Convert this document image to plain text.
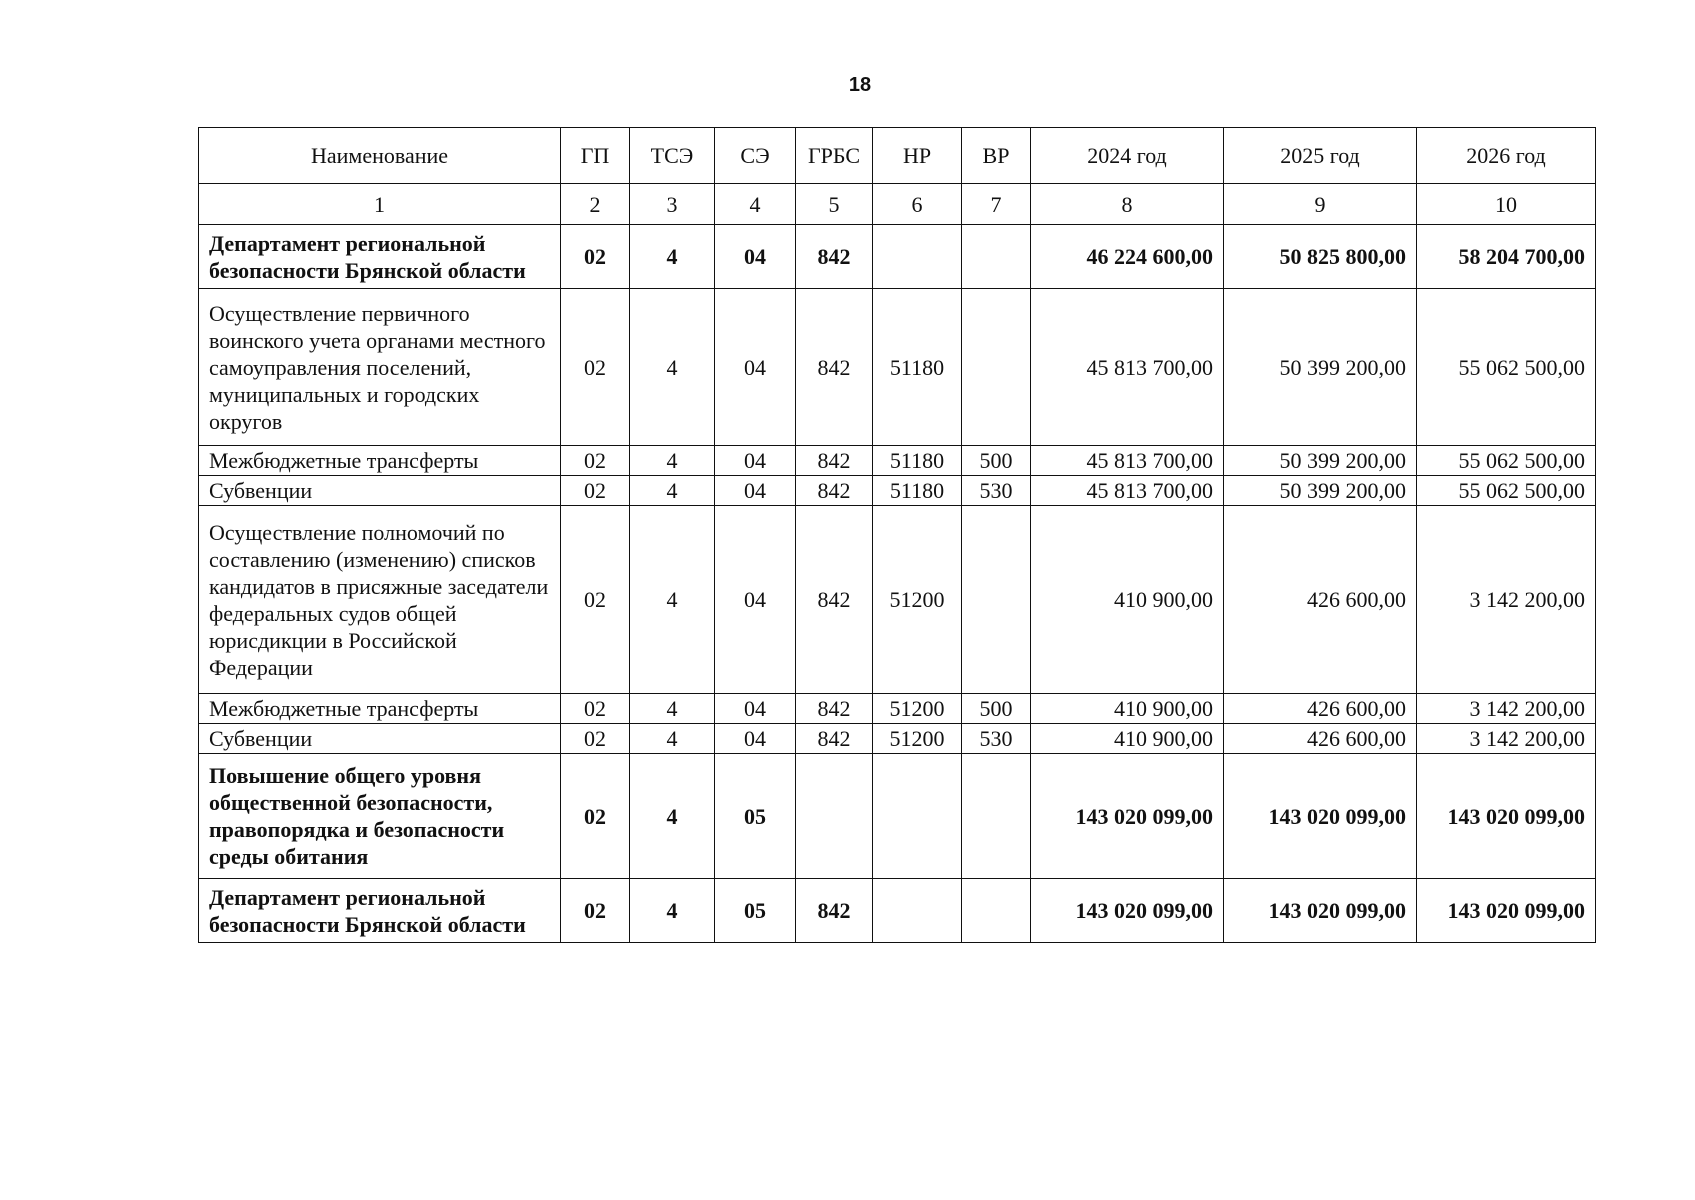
18
Наименование	ГП	ТСЭ	СЭ	ГРБС	НР	ВР	2024 год	2025 год	2026 год
1	2	3	4	5	6	7	8	9	10
Департамент региональной безопасности Брянской области	02	4	04	842			46 224 600,00	50 825 800,00	58 204 700,00
Осуществление первичного воинского учета органами местного самоуправления поселений, муниципальных и городских округов	02	4	04	842	51180		45 813 700,00	50 399 200,00	55 062 500,00
Межбюджетные трансферты	02	4	04	842	51180	500	45 813 700,00	50 399 200,00	55 062 500,00
Субвенции	02	4	04	842	51180	530	45 813 700,00	50 399 200,00	55 062 500,00
Осуществление полномочий по составлению (изменению) списков кандидатов в присяжные заседатели федеральных судов общей юрисдикции в Российской Федерации	02	4	04	842	51200		410 900,00	426 600,00	3 142 200,00
Межбюджетные трансферты	02	4	04	842	51200	500	410 900,00	426 600,00	3 142 200,00
Субвенции	02	4	04	842	51200	530	410 900,00	426 600,00	3 142 200,00
Повышение общего уровня общественной безопасности, правопорядка и безопасности среды обитания	02	4	05				143 020 099,00	143 020 099,00	143 020 099,00
Департамент региональной безопасности Брянской области	02	4	05	842			143 020 099,00	143 020 099,00	143 020 099,00
